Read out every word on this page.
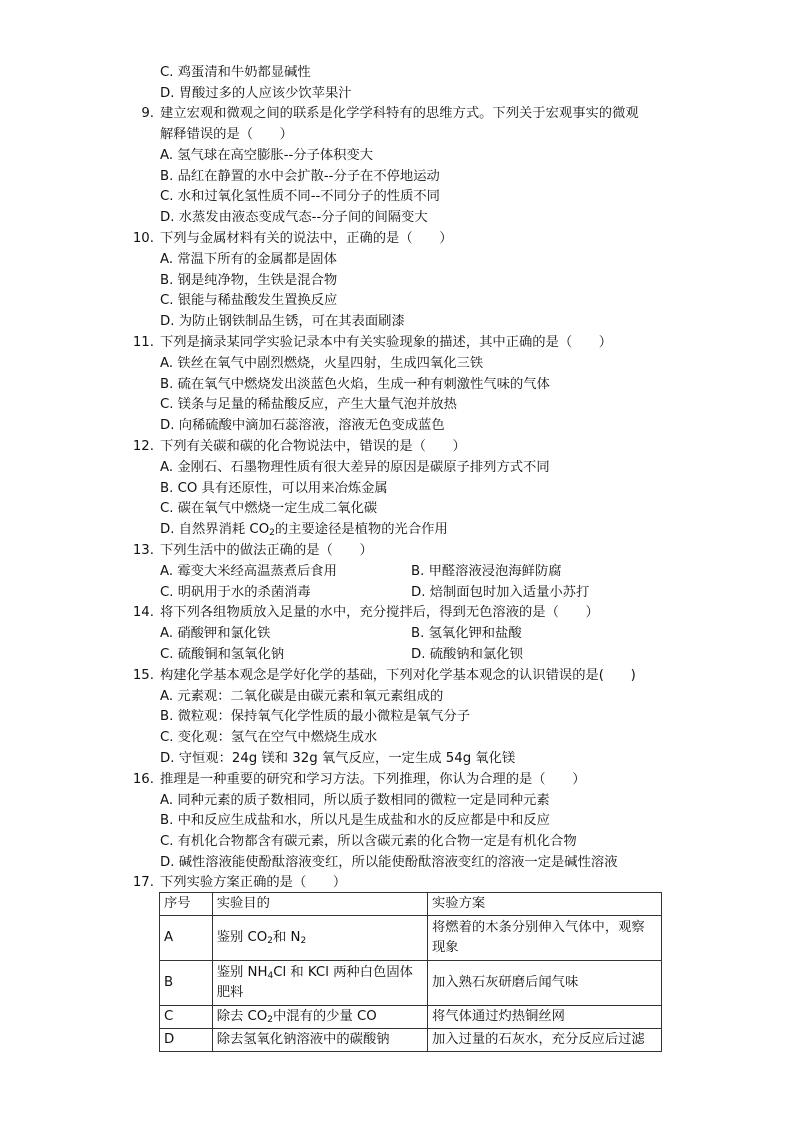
C. 鸡蛋清和牛奶都显碱性
D. 胃酸过多的人应该少饮苹果汁
9. 建立宏观和微观之间的联系是化学学科特有的思维方式。下列关于宏观事实的微观
解释错误的是（　　）
A. 氢气球在高空膨胀--分子体积变大
B. 品红在静置的水中会扩散--分子在不停地运动
C. 水和过氧化氢性质不同--不同分子的性质不同
D. 水蒸发由液态变成气态--分子间的间隔变大
10. 下列与金属材料有关的说法中，正确的是（　　）
A. 常温下所有的金属都是固体
B. 钢是纯净物，生铁是混合物
C. 银能与稀盐酸发生置换反应
D. 为防止钢铁制品生锈，可在其表面刷漆
11. 下列是摘录某同学实验记录本中有关实验现象的描述，其中正确的是（　　）
A. 铁丝在氧气中剧烈燃烧，火星四射，生成四氧化三铁
B. 硫在氧气中燃烧发出淡蓝色火焰，生成一种有刺激性气味的气体
C. 镁条与足量的稀盐酸反应，产生大量气泡并放热
D. 向稀硫酸中滴加石蕊溶液，溶液无色变成蓝色
12. 下列有关碳和碳的化合物说法中，错误的是（　　）
A. 金刚石、石墨物理性质有很大差异的原因是碳原子排列方式不同
B. CO 具有还原性，可以用来冶炼金属
C. 碳在氧气中燃烧一定生成二氧化碳
D. 自然界消耗 $CO_2$的主要途径是植物的光合作用
13. 下列生活中的做法正确的是（　　）
A. 霉变大米经高温蒸煮后食用	B. 甲醛溶液浸泡海鲜防腐
C. 明矾用于水的杀菌消毒	D. 焙制面包时加入适量小苏打
14. 将下列各组物质放入足量的水中，充分搅拌后，得到无色溶液的是（　　）
A. 硝酸钾和氯化铁	B. 氢氧化钾和盐酸
C. 硫酸铜和氢氧化钠	D. 硫酸钠和氯化钡
15. 构建化学基本观念是学好化学的基础，下列对化学基本观念的认识错误的是(　　)
A. 元素观：二氧化碳是由碳元素和氧元素组成的
B. 微粒观：保持氧气化学性质的最小微粒是氧气分子
C. 变化观：氢气在空气中燃烧生成水
D. 守恒观：24g 镁和 32g 氧气反应，一定生成 54g 氧化镁
16. 推理是一种重要的研究和学习方法。下列推理，你认为合理的是（　　）
A. 同种元素的质子数相同，所以质子数相同的微粒一定是同种元素
B. 中和反应生成盐和水，所以凡是生成盐和水的反应都是中和反应
C. 有机化合物都含有碳元素，所以含碳元素的化合物一定是有机化合物
D. 碱性溶液能使酚酞溶液变红，所以能使酚酞溶液变红的溶液一定是碱性溶液
17. 下列实验方案正确的是（　　）
序号	实验目的	实验方案
A	鉴别 $CO_2$和 $N_2$	将燃着的木条分别伸入气体中，观察现象
B	鉴别 $NH_4Cl$ 和 KCl 两种白色固体肥料	加入熟石灰研磨后闻气味
C	除去 $CO_2$中混有的少量 CO	将气体通过灼热铜丝网
D	除去氢氧化钠溶液中的碳酸钠	加入过量的石灰水，充分反应后过滤
